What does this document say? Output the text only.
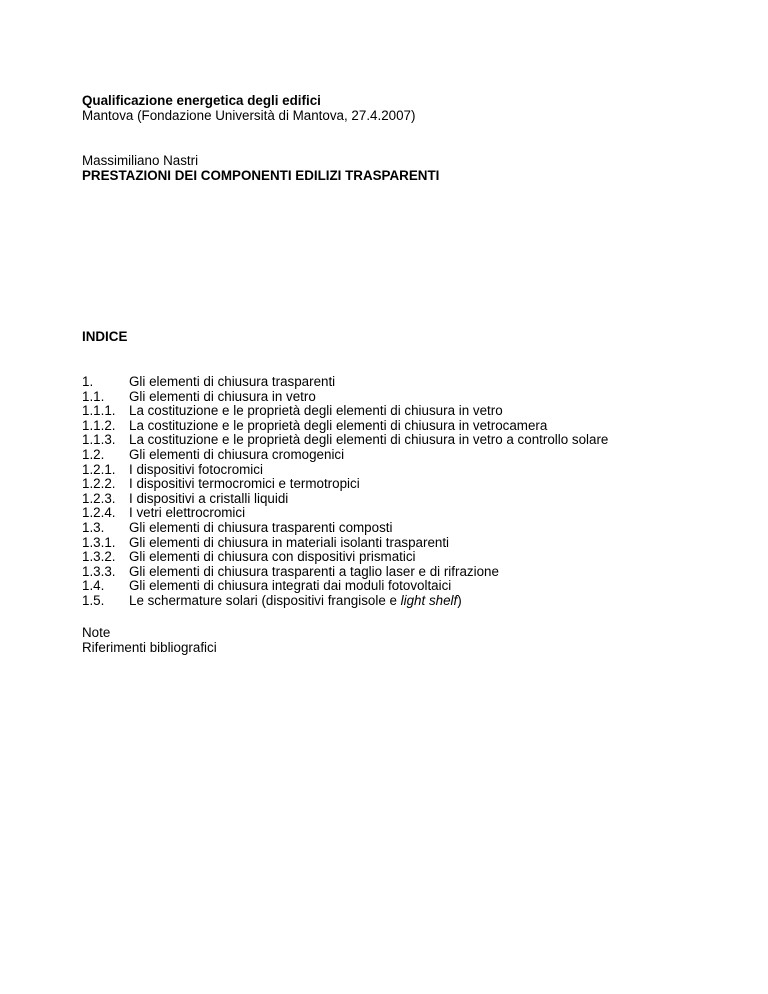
Qualificazione energetica degli edifici
Mantova (Fondazione Università di Mantova, 27.4.2007)
Massimiliano Nastri
PRESTAZIONI DEI COMPONENTI EDILIZI TRASPARENTI
INDICE
1.	Gli elementi di chiusura trasparenti
1.1.	Gli elementi di chiusura in vetro
1.1.1.	La costituzione e le proprietà degli elementi di chiusura in vetro
1.1.2.	La costituzione e le proprietà degli elementi di chiusura in vetrocamera
1.1.3.	La costituzione e le proprietà degli elementi di chiusura in vetro a controllo solare
1.2.	Gli elementi di chiusura cromogenici
1.2.1.	I dispositivi fotocromici
1.2.2.	I dispositivi termocromici e termotropici
1.2.3.	I dispositivi a cristalli liquidi
1.2.4.	I vetri elettrocromici
1.3.	Gli elementi di chiusura trasparenti composti
1.3.1.	Gli elementi di chiusura in materiali isolanti trasparenti
1.3.2.	Gli elementi di chiusura con dispositivi prismatici
1.3.3.	Gli elementi di chiusura trasparenti a taglio laser e di rifrazione
1.4.	Gli elementi di chiusura integrati dai moduli fotovoltaici
1.5.	Le schermature solari (dispositivi frangisole e light shelf)
Note
Riferimenti bibliografici
